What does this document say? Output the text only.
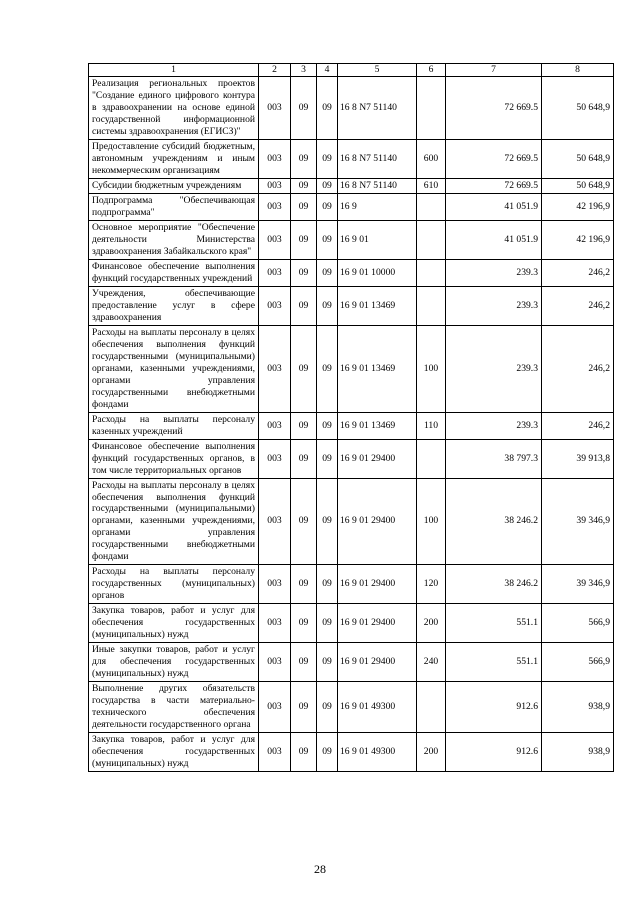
1	2	3	4	5	6	7	8
Реализация региональных проектов "Создание единого цифрового контура в здравоохранении на основе единой государственной информационной системы здравоохранения (ЕГИСЗ)"	003	09	09	16 8 N7 51140		72 669.5	50 648,9
Предоставление субсидий бюджетным, автономным учреждениям и иным некоммерческим организациям	003	09	09	16 8 N7 51140	600	72 669.5	50 648,9
Субсидии бюджетным учреждениям	003	09	09	16 8 N7 51140	610	72 669.5	50 648,9
Подпрограмма "Обеспечивающая подпрограмма"	003	09	09	16 9		41 051.9	42 196,9
Основное мероприятие "Обеспечение деятельности Министерства здравоохранения Забайкальского края"	003	09	09	16 9 01		41 051.9	42 196,9
Финансовое обеспечение выполнения функций государственных учреждений	003	09	09	16 9 01 10000		239.3	246,2
Учреждения, обеспечивающие предоставление услуг в сфере здравоохранения	003	09	09	16 9 01 13469		239.3	246,2
Расходы на выплаты персоналу в целях обеспечения выполнения функций государственными (муниципальными) органами, казенными учреждениями, органами управления государственными внебюджетными фондами	003	09	09	16 9 01 13469	100	239.3	246,2
Расходы на выплаты персоналу казенных учреждений	003	09	09	16 9 01 13469	110	239.3	246,2
Финансовое обеспечение выполнения функций государственных органов, в том числе территориальных органов	003	09	09	16 9 01 29400		38 797.3	39 913,8
Расходы на выплаты персоналу в целях обеспечения выполнения функций государственными (муниципальными) органами, казенными учреждениями, органами управления государственными внебюджетными фондами	003	09	09	16 9 01 29400	100	38 246.2	39 346,9
Расходы на выплаты персоналу государственных (муниципальных) органов	003	09	09	16 9 01 29400	120	38 246.2	39 346,9
Закупка товаров, работ и услуг для обеспечения государственных (муниципальных) нужд	003	09	09	16 9 01 29400	200	551.1	566,9
Иные закупки товаров, работ и услуг для обеспечения государственных (муниципальных) нужд	003	09	09	16 9 01 29400	240	551.1	566,9
Выполнение других обязательств государства в части материально-технического обеспечения деятельности государственного органа	003	09	09	16 9 01 49300		912.6	938,9
Закупка товаров, работ и услуг для обеспечения государственных (муниципальных) нужд	003	09	09	16 9 01 49300	200	912.6	938,9
28
